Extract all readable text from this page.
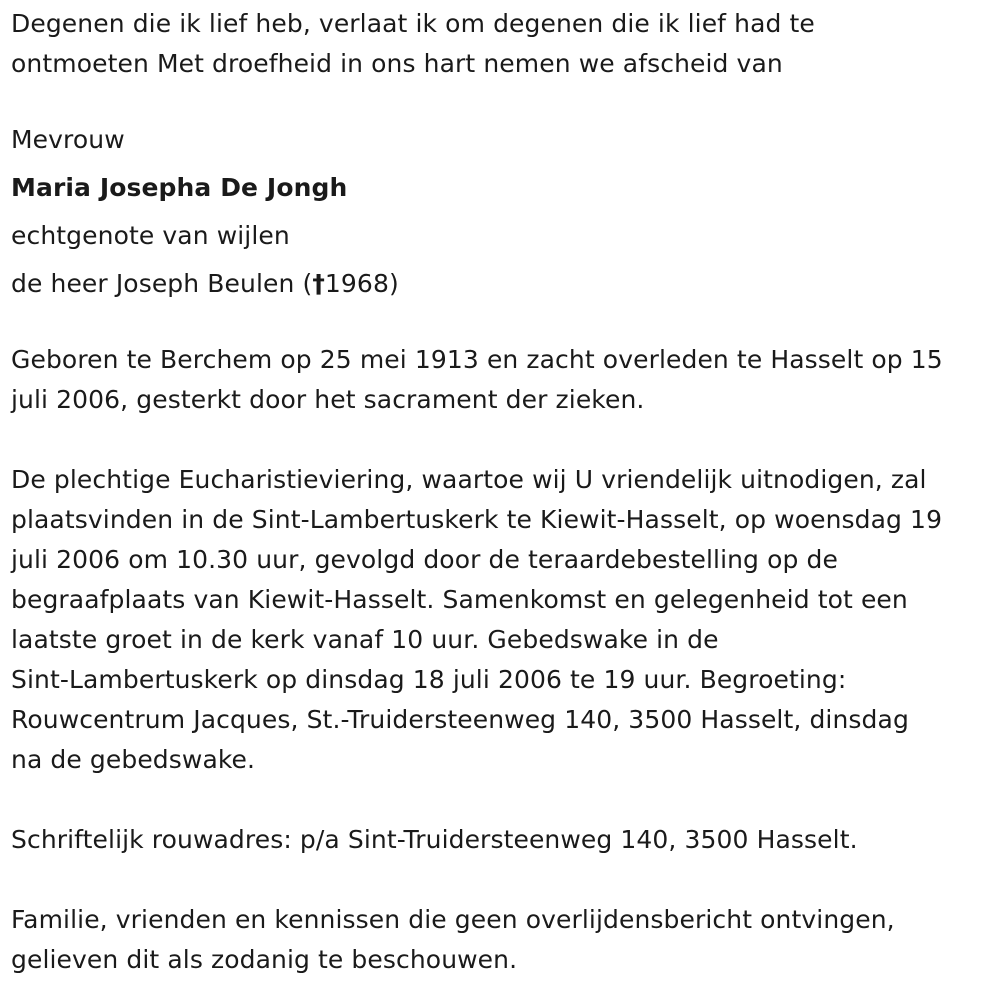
Degenen die ik lief heb, verlaat ik om degenen die ik lief had te

ontmoeten Met droefheid in ons hart nemen we afscheid van

Mevrouw

Maria Josepha De Jongh

echtgenote van wijlen

de heer Joseph Beulen (†1968)

Geboren te Berchem op 25 mei 1913 en zacht overleden te Hasselt op 15

juli 2006, gesterkt door het sacrament der zieken.

De plechtige Eucharistieviering, waartoe wij U vriendelijk uitnodigen, zal

plaatsvinden in de Sint-Lambertuskerk te Kiewit-Hasselt, op woensdag 19

juli 2006 om 10.30 uur, gevolgd door de teraardebestelling op de

begraafplaats van Kiewit-Hasselt. Samenkomst en gelegenheid tot een

laatste groet in de kerk vanaf 10 uur. Gebedswake in de

Sint-Lambertuskerk op dinsdag 18 juli 2006 te 19 uur. Begroeting:

Rouwcentrum Jacques, St.-Truidersteenweg 140, 3500 Hasselt, dinsdag

na de gebedswake.

Schriftelijk rouwadres: p/a Sint-Truidersteenweg 140, 3500 Hasselt.

Familie, vrienden en kennissen die geen overlijdensbericht ontvingen,

gelieven dit als zodanig te beschouwen.
